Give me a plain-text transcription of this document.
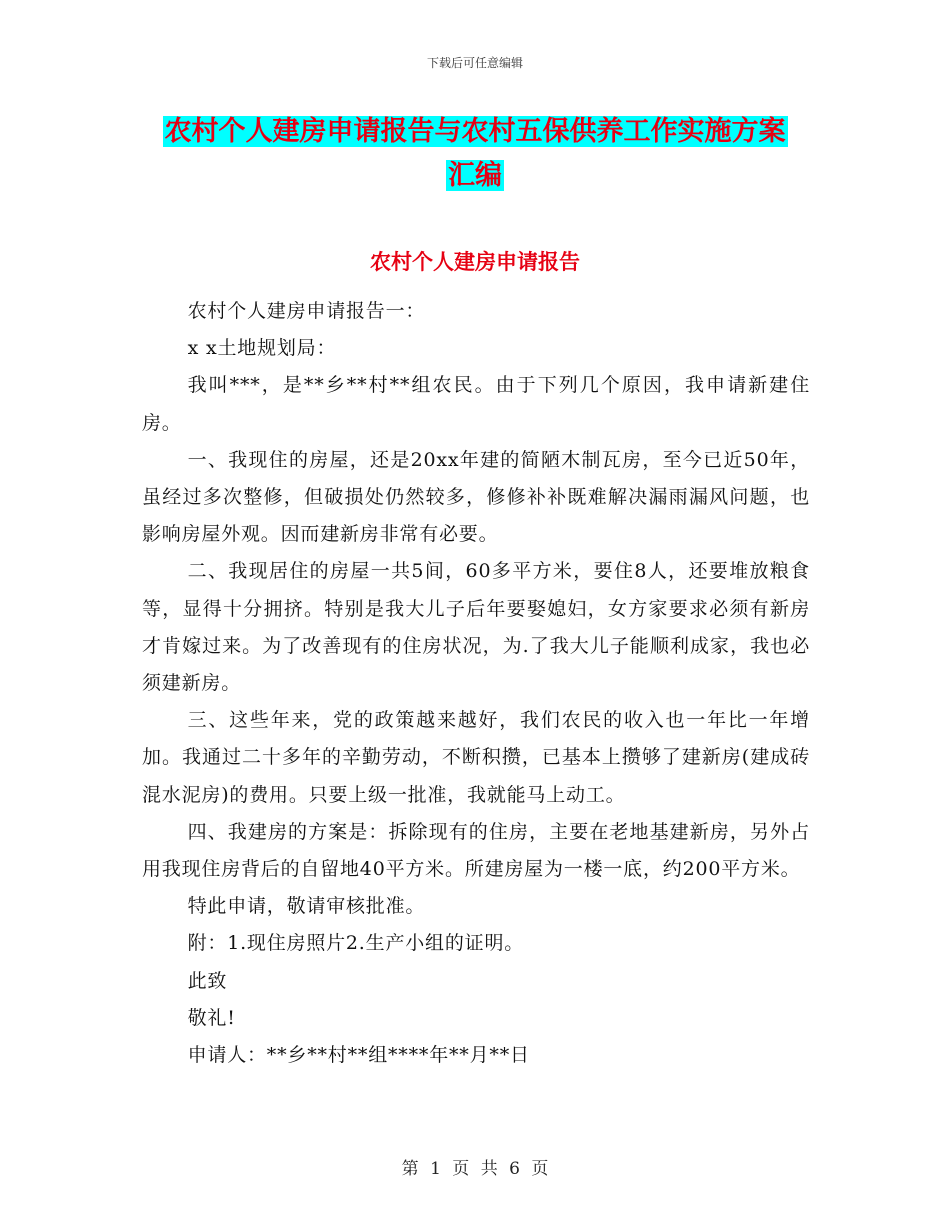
下载后可任意编辑
农村个人建房申请报告与农村五保供养工作实施方案
汇编
农村个人建房申请报告

农村个人建房申请报告一：

x x土地规划局：

我叫***，是**乡**村**组农民。由于下列几个原因，我申请新建住房。

一、我现住的房屋，还是20xx年建的简陋木制瓦房，至今已近50年，虽经过多次整修，但破损处仍然较多，修修补补既难解决漏雨漏风问题，也影响房屋外观。因而建新房非常有必要。

二、我现居住的房屋一共5间，60多平方米，要住8人，还要堆放粮食等，显得十分拥挤。特别是我大儿子后年要娶媳妇，女方家要求必须有新房才肯嫁过来。为了改善现有的住房状况，为.了我大儿子能顺利成家，我也必须建新房。

三、这些年来，党的政策越来越好，我们农民的收入也一年比一年增加。我通过二十多年的辛勤劳动，不断积攒，已基本上攒够了建新房(建成砖混水泥房)的费用。只要上级一批准，我就能马上动工。

四、我建房的方案是：拆除现有的住房，主要在老地基建新房，另外占用我现住房背后的自留地40平方米。所建房屋为一楼一底，约200平方米。

特此申请，敬请审核批准。

附：1.现住房照片2.生产小组的证明。

此致

敬礼!

申请人：**乡**村**组****年**月**日

第 1 页 共 6 页
